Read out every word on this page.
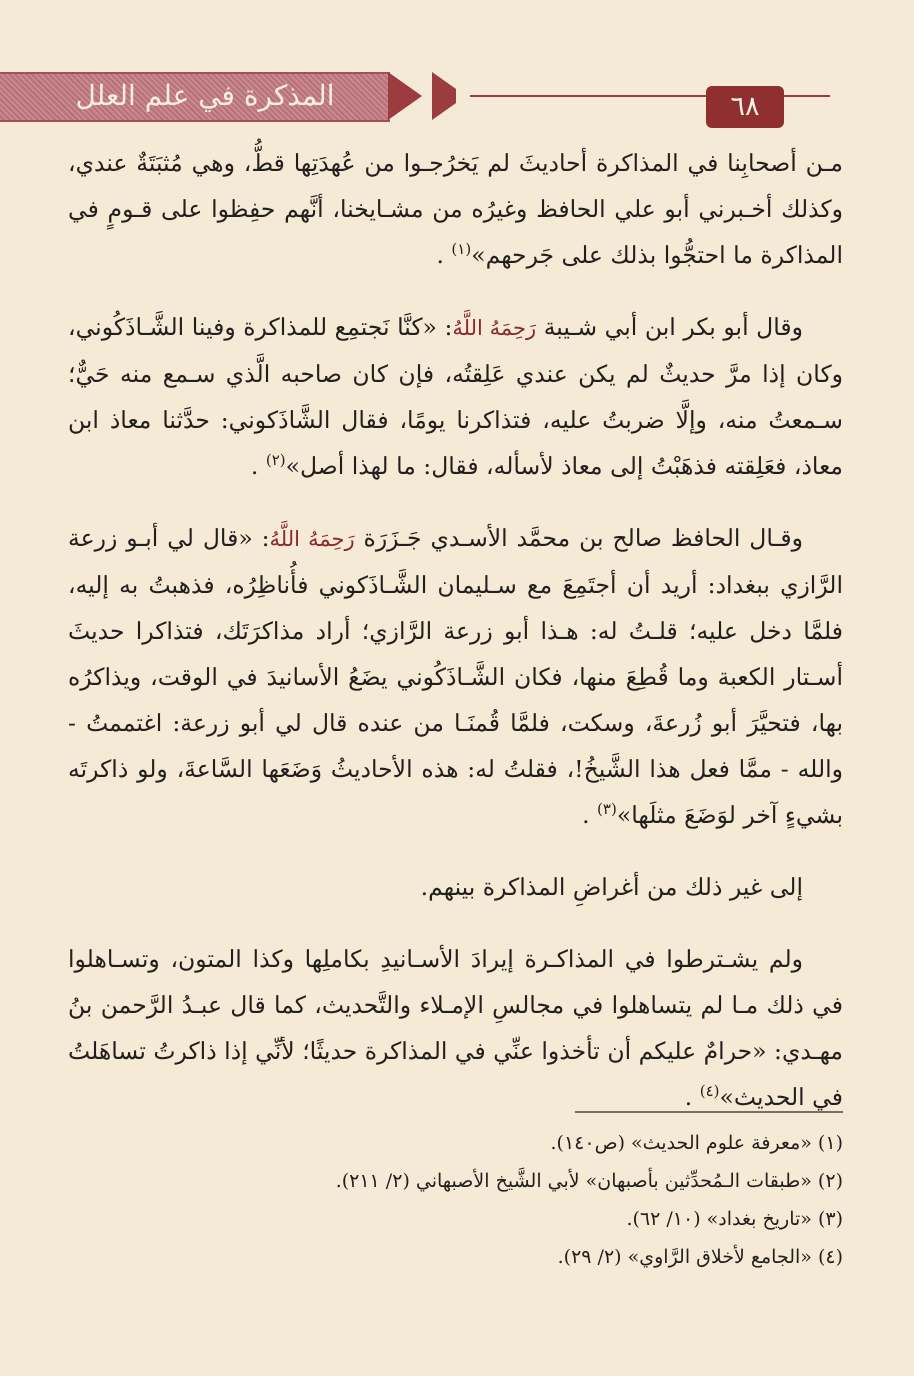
المذكرة في علم العلل	٦٨

مـن أصحابِنا في المذاكرة أحاديثَ لم يَخرُجـوا من عُهدَتِها قطُّ، وهي مُثبَتَةٌ عندي، وكذلك أخـبرني أبو علي الحافظ وغيرُه من مشـايخنا، أنَّهم حفِظوا على قـومٍ في المذاكرة ما احتجُّوا بذلك على جَرحهم»$^{(١)}$ .

وقال أبو بكر ابن أبي شـيبة رَحِمَهُ اللَّهُ: «كنَّا نَجتمِع للمذاكرة وفينا الشَّـاذَكُوني، وكان إذا مرَّ حديثٌ لم يكن عندي عَلِقتُه، فإن كان صاحبه الَّذي سـمع منه حَيٌّ؛ سـمعتُ منه، وإلَّا ضربتُ عليه، فتذاكرنا يومًا، فقال الشَّاذَكوني: حدَّثنا معاذ ابن معاذ، فعَلِقته فذهَبْتُ إلى معاذ لأسأله، فقال: ما لهذا أصل»$^{(٢)}$ .

وقـال الحافظ صالح بن محمَّد الأسـدي جَـزَرَة رَحِمَهُ اللَّهُ: «قال لي أبـو زرعة الرَّازي ببغداد: أريد أن أجتَمِعَ مع سـليمان الشَّـاذَكوني فأُناظِرُه، فذهبتُ به إليه، فلمَّا دخل عليه؛ قلـتُ له: هـذا أبو زرعة الرَّازي؛ أراد مذاكرَتَك، فتذاكرا حديثَ أسـتار الكعبة وما قُطِعَ منها، فكان الشَّـاذَكُوني يضَعُ الأسانيدَ في الوقت، ويذاكرُه بها، فتحيَّرَ أبو زُرعةَ، وسكت، فلمَّا قُمنَـا من عنده قال لي أبو زرعة: اغتممتُ - والله - ممَّا فعل هذا الشَّيخُ!، فقلتُ له: هذه الأحاديثُ وَضَعَها السَّاعةَ، ولو ذاكرتَه بشيءٍ آخر لوَضَعَ مثلَها»$^{(٣)}$ .

إلى غير ذلك من أغراضِ المذاكرة بينهم.

ولم يشـترطوا في المذاكـرة إيرادَ الأسـانيدِ بكاملِها وكذا المتون، وتسـاهلوا في ذلك مـا لم يتساهلوا في مجالسِ الإمـلاء والتَّحديث، كما قال عبـدُ الرَّحمن بنُ مهـدي: «حرامٌ عليكم أن تأخذوا عنِّي في المذاكرة حديثًا؛ لأنِّي إذا ذاكرتُ تساهَلتُ في الحديث»$^{(٤)}$ .

(١) «معرفة علوم الحديث» (ص١٤٠).
(٢) «طبقات الـمُحدِّثين بأصبهان» لأبي الشَّيخ الأصبهاني (٢/ ٢١١).
(٣) «تاريخ بغداد» (١٠/ ٦٢).
(٤) «الجامع لأخلاق الرَّاوي» (٢/ ٢٩).
